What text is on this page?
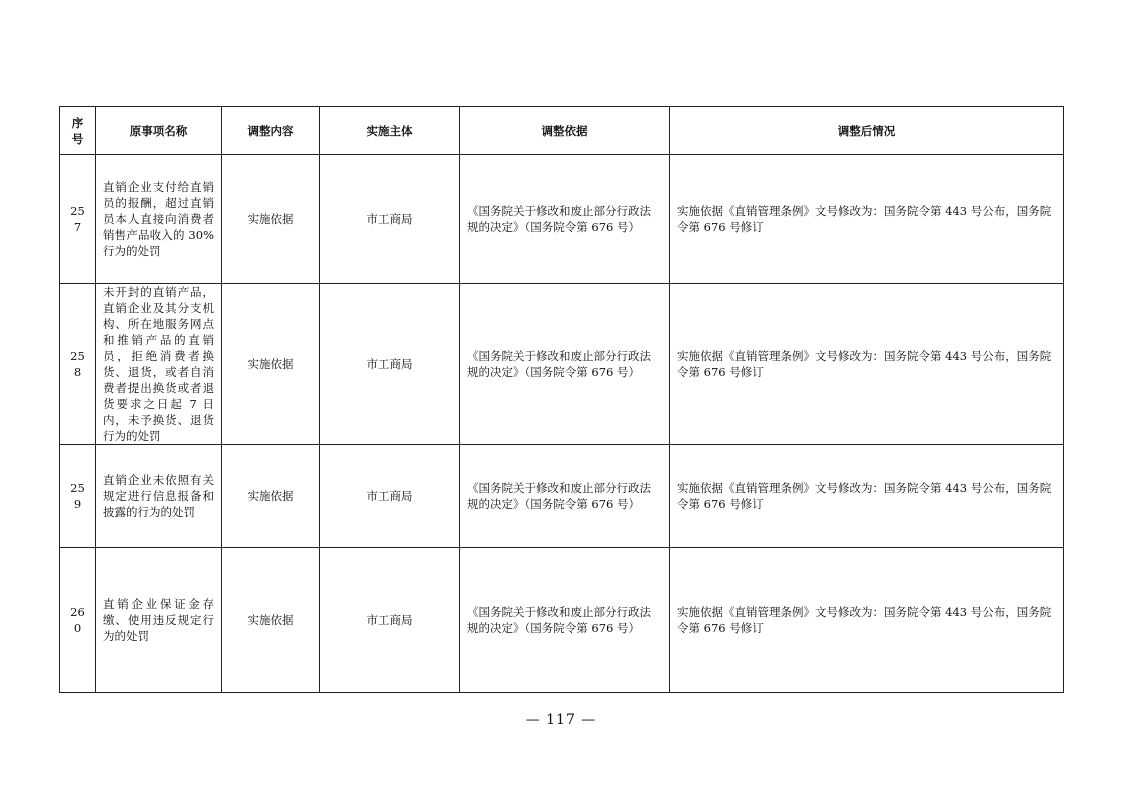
序号	原事项名称	调整内容	实施主体	调整依据	调整后情况
257	直销企业支付给直销员的报酬，超过直销员本人直接向消费者销售产品收入的 30%行为的处罚	实施依据	市工商局	《国务院关于修改和废止部分行政法规的决定》（国务院令第 676 号）	实施依据《直销管理条例》文号修改为：国务院令第 443 号公布，国务院令第 676 号修订
258	未开封的直销产品，直销企业及其分支机构、所在地服务网点和推销产品的直销员，拒绝消费者换货、退货，或者自消费者提出换货或者退货要求之日起 7 日内，未予换货、退货行为的处罚	实施依据	市工商局	《国务院关于修改和废止部分行政法规的决定》（国务院令第 676 号）	实施依据《直销管理条例》文号修改为：国务院令第 443 号公布，国务院令第 676 号修订
259	直销企业未依照有关规定进行信息报备和披露的行为的处罚	实施依据	市工商局	《国务院关于修改和废止部分行政法规的决定》（国务院令第 676 号）	实施依据《直销管理条例》文号修改为：国务院令第 443 号公布，国务院令第 676 号修订
260	直销企业保证金存缴、使用违反规定行为的处罚	实施依据	市工商局	《国务院关于修改和废止部分行政法规的决定》（国务院令第 676 号）	实施依据《直销管理条例》文号修改为：国务院令第 443 号公布，国务院令第 676 号修订
— 117 —
